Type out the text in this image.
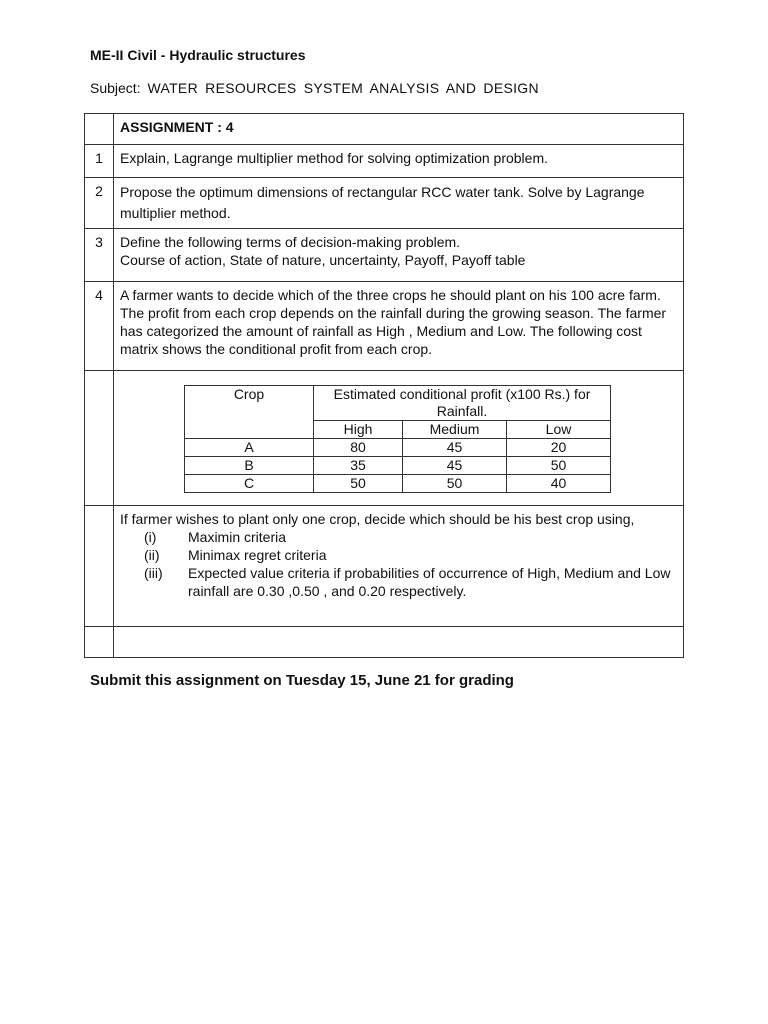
ME-II Civil - Hydraulic structures
Subject: WATER RESOURCES SYSTEM ANALYSIS AND DESIGN
	ASSIGNMENT : 4
1	Explain, Lagrange multiplier method for solving optimization problem.
2	Propose the optimum dimensions of rectangular RCC water tank. Solve by Lagrange multiplier method.
3	Define the following terms of decision-making problem.
Course of action, State of nature, uncertainty, Payoff, Payoff table

4	A farmer wants to decide which of the three crops he should plant on his 100 acre farm. The profit from each crop depends on the rainfall during the growing season. The farmer has categorized the amount of rainfall as High , Medium and Low. The following cost matrix shows the conditional profit from each crop.

Crop	Estimated conditional profit (x100 Rs.) for Rainfall.
High	Medium	Low
A	80	45	20
B	35	45	50
C	50	50	40

If farmer wishes to plant only one crop, decide which should be his best crop using,
(i)	Maximin criteria
(ii)	Minimax regret criteria
(iii)	Expected value criteria if probabilities of occurrence of High, Medium and Low rainfall are 0.30 ,0.50 , and 0.20 respectively.

Submit this assignment on Tuesday 15, June 21 for grading
